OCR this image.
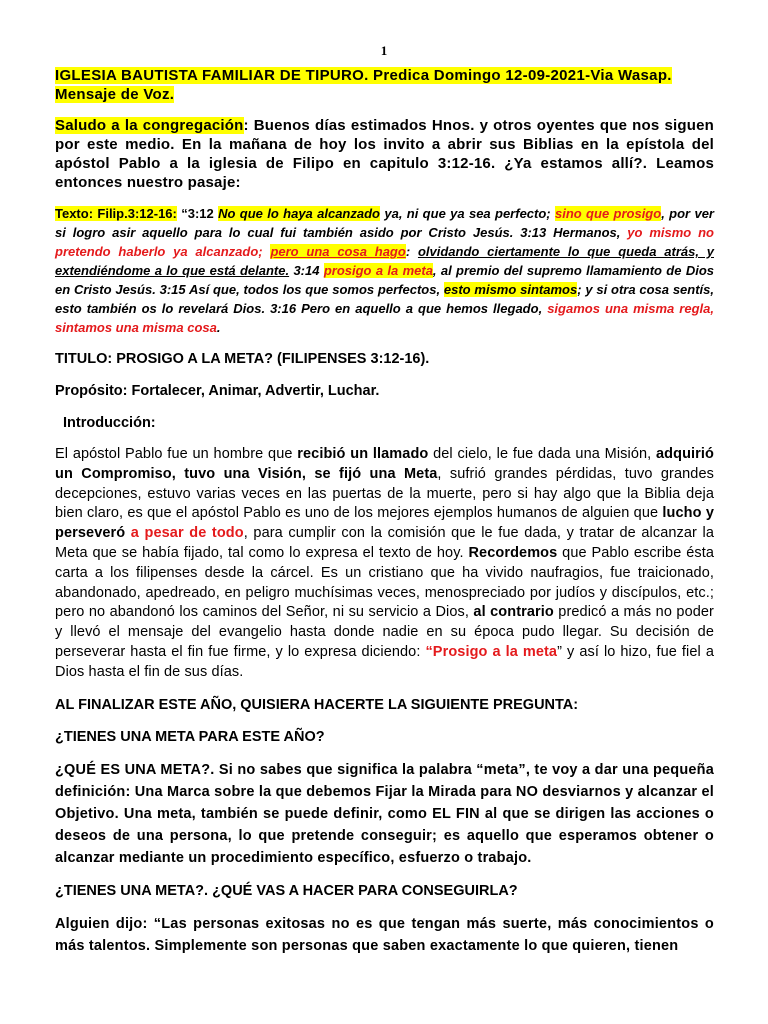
1
IGLESIA BAUTISTA FAMILIAR DE TIPURO. Predica Domingo 12-09-2021-Via Wasap.
Mensaje de Voz.
Saludo a la congregación: Buenos días estimados Hnos. y otros oyentes que nos siguen por este medio. En la mañana de hoy los invito a abrir sus Biblias en la epístola del apóstol Pablo a la iglesia de Filipo en capitulo 3:12-16. ¿Ya estamos allí?. Leamos entonces nuestro pasaje:
Texto: Filip.3:12-16: “3:12 No que lo haya alcanzado ya, ni que ya sea perfecto; sino que prosigo, por ver si logro asir aquello para lo cual fui también asido por Cristo Jesús. 3:13 Hermanos, yo mismo no pretendo haberlo ya alcanzado; pero una cosa hago: olvidando ciertamente lo que queda atrás, y extendiéndome a lo que está delante. 3:14 prosigo a la meta, al premio del supremo llamamiento de Dios en Cristo Jesús. 3:15 Así que, todos los que somos perfectos, esto mismo sintamos; y si otra cosa sentís, esto también os lo revelará Dios. 3:16 Pero en aquello a que hemos llegado, sigamos una misma regla, sintamos una misma cosa.
TITULO: PROSIGO A LA META? (FILIPENSES 3:12-16).
Propósito: Fortalecer, Animar, Advertir, Luchar.
Introducción:
El apóstol Pablo fue un hombre que recibió un llamado del cielo, le fue dada una Misión, adquirió un Compromiso, tuvo una Visión, se fijó una Meta, sufrió grandes pérdidas, tuvo grandes decepciones, estuvo varias veces en las puertas de la muerte, pero si hay algo que la Biblia deja bien claro, es que el apóstol Pablo es uno de los mejores ejemplos humanos de alguien que lucho y perseveró a pesar de todo, para cumplir con la comisión que le fue dada, y tratar de alcanzar la Meta que se había fijado, tal como lo expresa el texto de hoy. Recordemos que Pablo escribe ésta carta a los filipenses desde la cárcel. Es un cristiano que ha vivido naufragios, fue traicionado, abandonado, apedreado, en peligro muchísimas veces, menospreciado por judíos y discípulos, etc.; pero no abandonó los caminos del Señor, ni su servicio a Dios, al contrario predicó a más no poder y llevó el mensaje del evangelio hasta donde nadie en su época pudo llegar. Su decisión de perseverar hasta el fin fue firme, y lo expresa diciendo: “Prosigo a la meta” y así lo hizo, fue fiel a Dios hasta el fin de sus días.
AL FINALIZAR ESTE AÑO, QUISIERA HACERTE LA SIGUIENTE PREGUNTA:
¿TIENES UNA META PARA ESTE AÑO?
¿QUÉ ES UNA META?. Si no sabes que significa la palabra “meta”, te voy a dar una pequeña definición: Una Marca sobre la que debemos Fijar la Mirada para NO desviarnos y alcanzar el Objetivo. Una meta, también se puede definir, como EL FIN al que se dirigen las acciones o deseos de una persona, lo que pretende conseguir; es aquello que esperamos obtener o alcanzar mediante un procedimiento específico, esfuerzo o trabajo.
¿TIENES UNA META?. ¿QUÉ VAS A HACER PARA CONSEGUIRLA?
Alguien dijo: “Las personas exitosas no es que tengan más suerte, más conocimientos o más talentos. Simplemente son personas que saben exactamente lo que quieren, tienen
